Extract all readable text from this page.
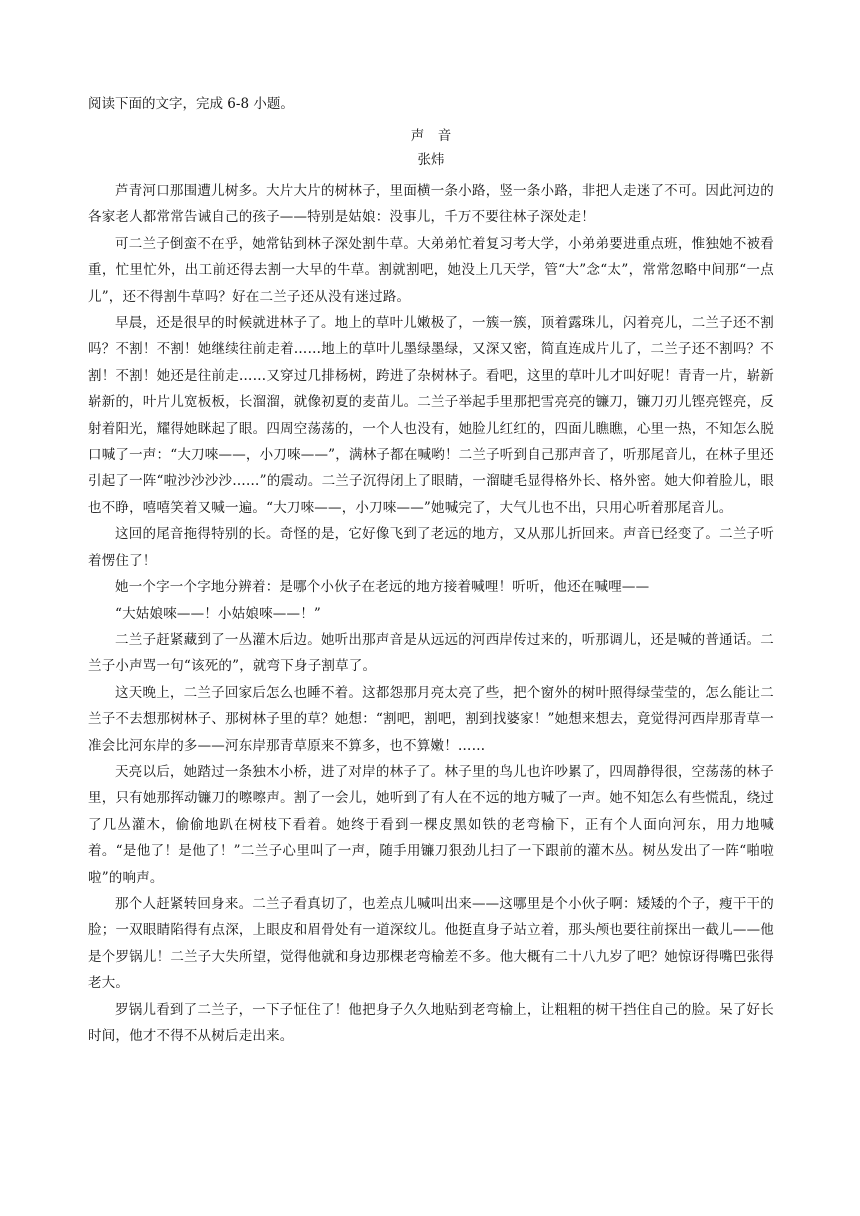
阅读下面的文字，完成 6-8 小题。

声　音

张炜

芦青河口那围遭儿树多。大片大片的树林子，里面横一条小路，竖一条小路，非把人走迷了不可。因此河边的各家老人都常常告诫自己的孩子——特别是姑娘：没事儿，千万不要往林子深处走！

可二兰子倒蛮不在乎，她常钻到林子深处割牛草。大弟弟忙着复习考大学，小弟弟要进重点班，惟独她不被看重，忙里忙外，出工前还得去割一大早的牛草。割就割吧，她没上几天学，管“大”念“太”，常常忽略中间那“一点儿”，还不得割牛草吗？好在二兰子还从没有迷过路。

早晨，还是很早的时候就进林子了。地上的草叶儿嫩极了，一簇一簇，顶着露珠儿，闪着亮儿，二兰子还不割吗？不割！不割！她继续往前走着……地上的草叶儿墨绿墨绿，又深又密，简直连成片儿了，二兰子还不割吗？不割！不割！她还是往前走……又穿过几排杨树，跨进了杂树林子。看吧，这里的草叶儿才叫好呢！青青一片，崭新崭新的，叶片儿宽板板，长溜溜，就像初夏的麦苗儿。二兰子举起手里那把雪亮亮的镰刀，镰刀刃儿铿亮铿亮，反射着阳光，耀得她眯起了眼。四周空荡荡的，一个人也没有，她脸儿红红的，四面儿瞧瞧，心里一热，不知怎么脱口喊了一声：“大刀唻——，小刀唻——”，满林子都在喊哟！二兰子听到自己那声音了，听那尾音儿，在林子里还引起了一阵“啦沙沙沙沙……”的震动。二兰子沉得闭上了眼睛，一溜睫毛显得格外长、格外密。她大仰着脸儿，眼也不睁，嘻嘻笑着又喊一遍。“大刀唻——，小刀唻——”她喊完了，大气儿也不出，只用心听着那尾音儿。

这回的尾音拖得特别的长。奇怪的是，它好像飞到了老远的地方，又从那儿折回来。声音已经变了。二兰子听着愣住了！

她一个字一个字地分辨着：是哪个小伙子在老远的地方接着喊哩！听听，他还在喊哩——

“大姑娘唻——！小姑娘唻——！”

二兰子赶紧藏到了一丛灌木后边。她听出那声音是从远远的河西岸传过来的，听那调儿，还是喊的普通话。二兰子小声骂一句“该死的”，就弯下身子割草了。

这天晚上，二兰子回家后怎么也睡不着。这都怨那月亮太亮了些，把个窗外的树叶照得绿莹莹的，怎么能让二兰子不去想那树林子、那树林子里的草？她想：“割吧，割吧，割到找婆家！”她想来想去，竟觉得河西岸那青草一准会比河东岸的多——河东岸那青草原来不算多，也不算嫩！……

天亮以后，她踏过一条独木小桥，进了对岸的林子了。林子里的鸟儿也许吵累了，四周静得很，空荡荡的林子里，只有她那挥动镰刀的嚓嚓声。割了一会儿，她听到了有人在不远的地方喊了一声。她不知怎么有些慌乱，绕过了几丛灌木，偷偷地趴在树枝下看着。她终于看到一棵皮黑如铁的老弯榆下，正有个人面向河东，用力地喊着。“是他了！是他了！”二兰子心里叫了一声，随手用镰刀狠劲儿扫了一下跟前的灌木丛。树丛发出了一阵“啪啦啦”的响声。

那个人赶紧转回身来。二兰子看真切了，也差点儿喊叫出来——这哪里是个小伙子啊：矮矮的个子，瘦干干的脸；一双眼睛陷得有点深，上眼皮和眉骨处有一道深纹儿。他挺直身子站立着，那头颅也要往前探出一截儿——他是个罗锅儿！二兰子大失所望，觉得他就和身边那棵老弯榆差不多。他大概有二十八九岁了吧？她惊讶得嘴巴张得老大。

罗锅儿看到了二兰子，一下子怔住了！他把身子久久地贴到老弯榆上，让粗粗的树干挡住自己的脸。呆了好长时间，他才不得不从树后走出来。
